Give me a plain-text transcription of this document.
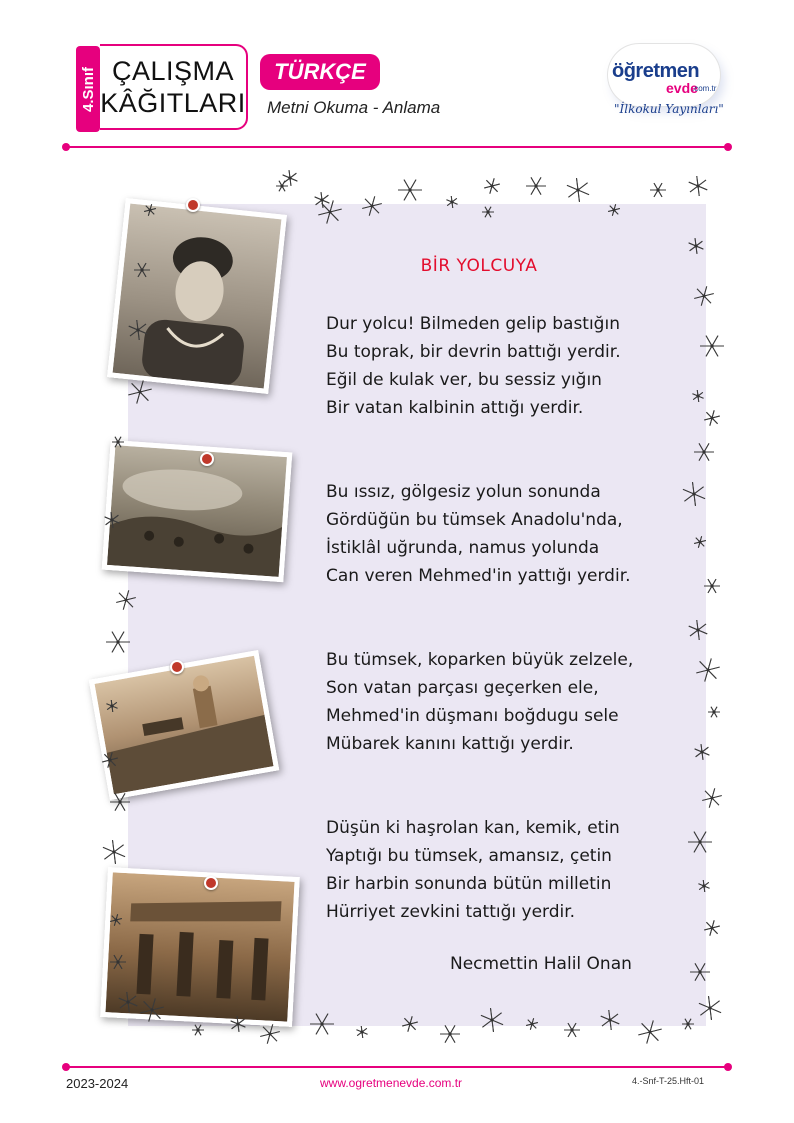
4.Sınıf ÇALIŞMA
KÂĞITLARI
TÜRKÇE
Metni Okuma - Anlama
öğretmen
evde
.com.tr
"İlkokul Yayınları"
BİR YOLCUYA
Dur yolcu! Bilmeden gelip bastığın
Bu toprak, bir devrin battığı yerdir.
Eğil de kulak ver, bu sessiz yığın
Bir vatan kalbinin attığı yerdir.
Bu ıssız, gölgesiz yolun sonunda
Gördüğün bu tümsek Anadolu'nda,
İstiklâl uğrunda, namus yolunda
Can veren Mehmed'in yattığı yerdir.
Bu tümsek, koparken büyük zelzele,
Son vatan parçası geçerken ele,
Mehmed'in düşmanı boğdugu sele
Mübarek kanını kattığı yerdir.
Düşün ki haşrolan kan, kemik, etin
Yaptığı bu tümsek, amansız, çetin
Bir harbin sonunda bütün milletin
Hürriyet zevkini tattığı yerdir.
Necmettin Halil Onan
2023-2024	www.ogretmenevde.com.tr	4.-Snf-T-25.Hft-01
